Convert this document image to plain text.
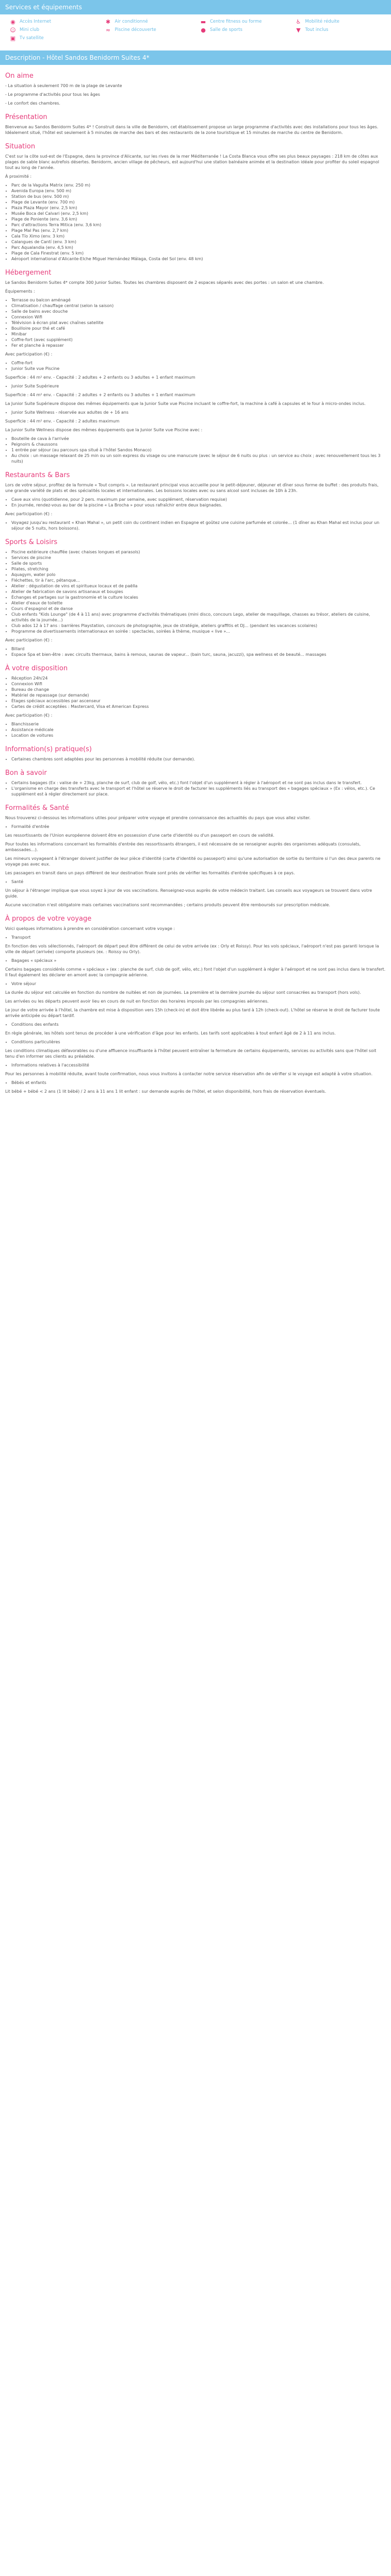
Services et équipements
◉ Accès Internet	✱ Air conditionné	▬ Centre fitness ou forme	♿ Mobilité réduite
☺ Mini club	≈ Piscine découverte	● Salle de sports	▼	Tout inclus
▣ Tv satellite
Description - Hôtel Sandos Benidorm Suites 4*
On aime

- La situation à seulement 700 m de la plage de Levante

- Le programme d'activités pour tous les âges

- Le confort des chambres.

Présentation

Bienvenue au Sandos Benidorm Suites 4* ! Construit dans la ville de Benidorm, cet établissement propose un large programme d'activités avec des installations pour tous les âges. Idéalement situé, l'hôtel est seulement à 5 minutes de marche des bars et des restaurants de la zone touristique et 15 minutes de marche du centre de Benidorm.

Situation

C'est sur la côte sud-est de l'Espagne, dans la province d'Alicante, sur les rives de la mer Méditerranée ! La Costa Blanca vous offre ses plus beaux paysages : 218 km de côtes aux plages de sable blanc autrefois désertes. Benidorm, ancien village de pêcheurs, est aujourd'hui une station balnéaire animée et la destination idéale pour profiter du soleil espagnol tout au long de l'année.

À proximité :

• Parc de la Vaguita Matrix (env. 250 m)
• Avenida Europa (env. 500 m)
• Station de bus (env. 500 m)
• Plage de Levante (env. 700 m)
• Plaza Plaza Mayor (env. 2,5 km)
• Musée Boca del Calvari (env. 2,5 km)
• Plage de Poniente (env. 3,6 km)
• Parc d'attractions Terra Mitica (env. 3,6 km)
• Plage Mal Pas (env. 2,7 km)
• Cala Tío Ximo (env. 3 km)
• Calangues de Cantí (env. 3 km)
• Parc Aqualandia (env. 4,5 km)
• Plage de Cala Finestrat (env. 5 km)
• Aéroport international d'Alicante-Elche Miguel Hernández Málaga, Costa del Sol (env. 48 km)
Hébergement

Le Sandos Benidorm Suites 4* compte 300 Junior Suites. Toutes les chambres disposent de 2 espaces séparés avec des portes : un salon et une chambre.

Équipements :

• Terrasse ou balcon aménagé
• Climatisation / chauffage central (selon la saison)
• Salle de bains avec douche
• Connexion Wifi
• Télévision à écran plat avec chaînes satellite
• Bouilloire pour thé et café
• Minibar
• Coffre-fort (avec supplément)
• Fer et planche à repasser

Avec participation (€) :

• Coffre-fort
• Junior Suite vue Piscine

Superficie : 44 m² env. - Capacité : 2 adultes + 2 enfants ou 3 adultes + 1 enfant maximum

• Junior Suite Supérieure

Superficie : 44 m² env. - Capacité : 2 adultes + 2 enfants ou 3 adultes + 1 enfant maximum

La Junior Suite Supérieure dispose des mêmes équipements que la Junior Suite vue Piscine incluant le coffre-fort, la machine à café à capsules et le four à micro-ondes inclus.

• Junior Suite Wellness - réservée aux adultes de + 16 ans

Superficie : 44 m² env. - Capacité : 2 adultes maximum

La Junior Suite Wellness dispose des mêmes équipements que la Junior Suite vue Piscine avec :

• Bouteille de cava à l'arrivée
• Peignoirs & chaussons
• 1 entrée par séjour (au parcours spa situé à l'hôtel Sandos Monaco)
• Au choix : un massage relaxant de 25 min ou un soin express du visage ou une manucure (avec le séjour de 6 nuits ou plus : un service au choix ; avec renouvellement tous les 3 nuits)
Restaurants & Bars

Lors de votre séjour, profitez de la formule « Tout compris ». Le restaurant principal vous accueille pour le petit-déjeuner, déjeuner et dîner sous forme de buffet : des produits frais, une grande variété de plats et des spécialités locales et internationales. Les boissons locales avec ou sans alcool sont incluses de 10h à 23h.

• Cave aux vins (quotidienne, pour 2 pers. maximum par semaine, avec supplément, réservation requise)
• En journée, rendez-vous au bar de la piscine « La Brocha » pour vous rafraîchir entre deux baignades.

Avec participation (€) :

• Voyagez jusqu'au restaurant « Khan Mahal », un petit coin du continent indien en Espagne et goûtez une cuisine parfumée et colorée... (1 dîner au Khan Mahal est inclus pour un séjour de 5 nuits, hors boissons).
Sports & Loisirs
• Piscine extérieure chauffée (avec chaises longues et parasols)
• Services de piscine
• Salle de sports
• Pilates, stretching
• Aquagym, water polo
• Fléchettes, tir à l'arc, pétanque...
• Atelier : dégustation de vins et spiritueux locaux et de paëlla
• Atelier de fabrication de savons artisanaux et bougies
• Échanges et partages sur la gastronomie et la culture locales
• Atelier d'eaux de toilette
• Cours d'espagnol et de danse
• Club enfants "Kids Lounge" (de 4 à 11 ans) avec programme d'activités thématiques (mini disco, concours Lego, atelier de maquillage, chasses au trésor, ateliers de cuisine, activités de la journée...)
• Club ados 12 à 17 ans : barrières Playstation, concours de photographie, jeux de stratégie, ateliers graffitis et DJ... (pendant les vacances scolaires)
• Programme de divertissements internationaux en soirée : spectacles, soirées à thème, musique « live »...

Avec participation (€) :

• Billard
• Espace Spa et bien-être : avec circuits thermaux, bains à remous, saunas de vapeur... (bain turc, sauna, jacuzzi), spa wellness et de beauté... massages
À votre disposition
• Réception 24h/24
• Connexion Wifi
• Bureau de change
• Matériel de repassage (sur demande)
• Étages spéciaux accessibles par ascenseur
• Cartes de crédit acceptées : Mastercard, Visa et American Express

Avec participation (€) :

• Blanchisserie
• Assistance médicale
• Location de voitures
Information(s) pratique(s)
• Certaines chambres sont adaptées pour les personnes à mobilité réduite (sur demande).
Bon à savoir
• Certains bagages (Ex : valise de + 23kg, planche de surf, club de golf, vélo, etc.) font l'objet d'un supplément à régler à l'aéroport et ne sont pas inclus dans le transfert.
• L'organisme en charge des transferts avec le transport et l'hôtel se réserve le droit de facturer les suppléments liés au transport des « bagages spéciaux » (Ex : vélos, etc.). Ce supplément est à régler directement sur place.
Formalités & Santé

Nous trouverez ci-dessous les informations utiles pour préparer votre voyage et prendre connaissance des actualités du pays que vous allez visiter.

• Formalité d'entrée

Les ressortissants de l'Union européenne doivent être en possession d'une carte d'identité ou d'un passeport en cours de validité.

Pour toutes les informations concernant les formalités d'entrée des ressortissants étrangers, il est nécessaire de se renseigner auprès des organismes adéquats (consulats, ambassades...).

Les mineurs voyageant à l'étranger doivent justifier de leur pièce d'identité (carte d'identité ou passeport) ainsi qu'une autorisation de sortie du territoire si l'un des deux parents ne voyage pas avec eux.

Les passagers en transit dans un pays différent de leur destination finale sont priés de vérifier les formalités d'entrée spécifiques à ce pays.

• Santé

Un séjour à l'étranger implique que vous soyez à jour de vos vaccinations. Renseignez-vous auprès de votre médecin traitant. Les conseils aux voyageurs se trouvent dans votre guide.

Aucune vaccination n'est obligatoire mais certaines vaccinations sont recommandées ; certains produits peuvent être remboursés sur prescription médicale.

À propos de votre voyage

Voici quelques informations à prendre en considération concernant votre voyage :

• Transport

En fonction des vols sélectionnés, l'aéroport de départ peut être différent de celui de votre arrivée (ex : Orly et Roissy). Pour les vols spéciaux, l'aéroport n'est pas garanti lorsque la ville de départ (arrivée) comporte plusieurs (ex. : Roissy ou Orly).

• Bagages « spéciaux »

Certains bagages considérés comme « spéciaux » (ex : planche de surf, club de golf, vélo, etc.) font l'objet d'un supplément à régler à l'aéroport et ne sont pas inclus dans le transfert. Il faut également les déclarer en amont avec la compagnie aérienne.

• Votre séjour

La durée du séjour est calculée en fonction du nombre de nuitées et non de journées. La première et la dernière journée du séjour sont consacrées au transport (hors vols).

Les arrivées ou les départs peuvent avoir lieu en cours de nuit en fonction des horaires imposés par les compagnies aériennes.

Le jour de votre arrivée à l'hôtel, la chambre est mise à disposition vers 15h (check-in) et doit être libérée au plus tard à 12h (check-out). L'hôtel se réserve le droit de facturer toute arrivée anticipée ou départ tardif.

• Conditions des enfants

En règle générale, les hôtels sont tenus de procéder à une vérification d'âge pour les enfants. Les tarifs sont applicables à tout enfant âgé de 2 à 11 ans inclus.

• Conditions particulières

Les conditions climatiques défavorables ou d'une affluence insuffisante à l'hôtel peuvent entraîner la fermeture de certains équipements, services ou activités sans que l'hôtel soit tenu d'en informer ses clients au préalable.

• Informations relatives à l'accessibilité

Pour les personnes à mobilité réduite, avant toute confirmation, nous vous invitons à contacter notre service réservation afin de vérifier si le voyage est adapté à votre situation.

• Bébés et enfants

Lit bébé + bébé < 2 ans (1 lit bébé) / 2 ans à 11 ans 1 lit enfant : sur demande auprès de l'hôtel, et selon disponibilité, hors frais de réservation éventuels.
